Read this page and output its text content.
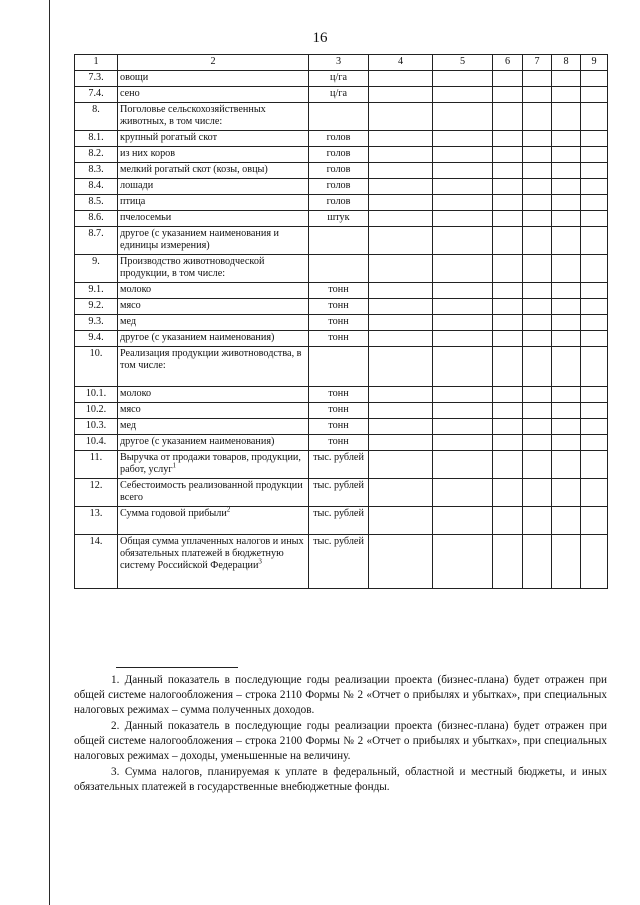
16
1	2	3	4	5	6	7	8	9
7.3.	овощи	ц/га						
7.4.	сено	ц/га						
8.	Поголовье сельскохозяйственных животных, в том числе:							
8.1.	крупный рогатый скот	голов						
8.2.	из них коров	голов						
8.3.	мелкий рогатый скот (козы, овцы)	голов						
8.4.	лошади	голов						
8.5.	птица	голов						
8.6.	пчелосемьи	штук						
8.7.	другое (с указанием наименования и единицы измерения)							
9.	Производство животноводческой продукции, в том числе:							
9.1.	молоко	тонн						
9.2.	мясо	тонн						
9.3.	мед	тонн						
9.4.	другое (с указанием наименования)	тонн						
10.	Реализация продукции животноводства, в том числе:							
10.1.	молоко	тонн						
10.2.	мясо	тонн						
10.3.	мед	тонн						
10.4.	другое (с указанием наименования)	тонн						
11.	Выручка от продажи товаров, продукции, работ, услуг$^1$	тыс. рублей						
12.	Себестоимость реализованной продукции всего	тыс. рублей						
13.	Сумма годовой прибыли$^2$	тыс. рублей						
14.	Общая сумма уплаченных налогов и иных обязательных платежей в бюджетную систему Российской Федерации$^3$	тыс. рублей						

1. Данный показатель в последующие годы реализации проекта (бизнес-плана) будет отражен при общей системе налогообложения – строка 2110 Формы № 2 «Отчет о прибылях и убытках», при специальных налоговых режимах – сумма полученных доходов.

2. Данный показатель в последующие годы реализации проекта (бизнес-плана) будет отражен при общей системе налогообложения – строка 2100 Формы № 2 «Отчет о прибылях и убытках», при специальных налоговых режимах – доходы, уменьшенные на величину.

3. Сумма налогов, планируемая к уплате в федеральный, областной и местный бюджеты, и иных обязательных платежей в государственные внебюджетные фонды.
